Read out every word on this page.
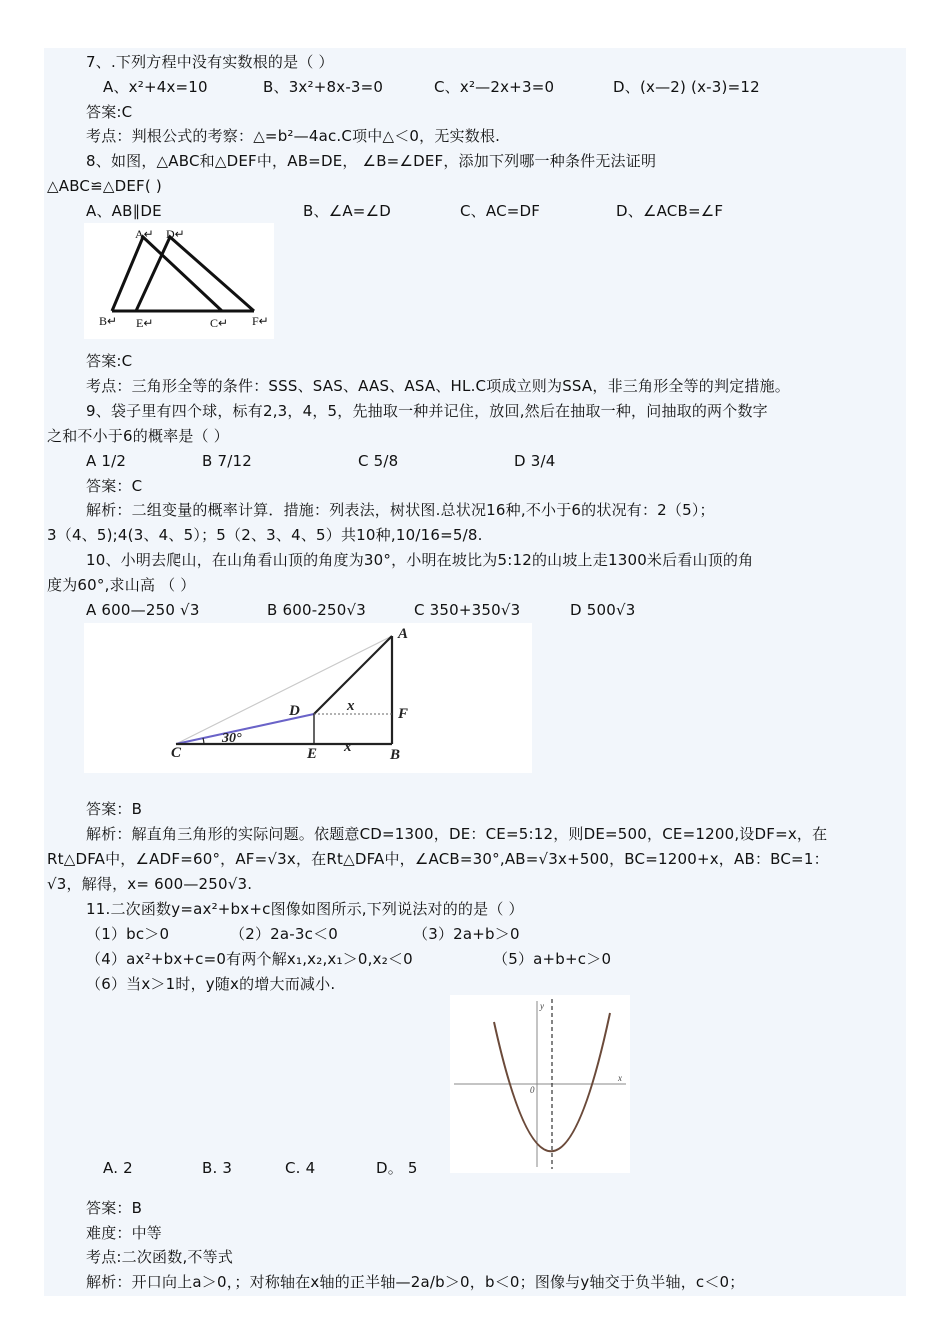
7、.下列方程中没有实数根的是（ ）
A、x²+4x=10	B、3x²+8x-3=0	C、x²—2x+3=0	D、(x—2) (x-3)=12
答案:C
考点：判根公式的考察：△=b²—4ac.C项中△＜0，无实数根.
8、如图，△ABC和△DEF中，AB=DE， ∠B=∠DEF，添加下列哪一种条件无法证明
△ABC≌△DEF( )
A、AB∥DE	B、∠A=∠D	C、AC=DF	D、∠ACB=∠F
A↵ D↵
B↵ E↵	C↵ F↵
答案:C
考点：三角形全等的条件：SSS、SAS、AAS、ASA、HL.C项成立则为SSA，非三角形全等的判定措施。
9、袋子里有四个球，标有2,3，4，5，先抽取一种并记住，放回,然后在抽取一种，问抽取的两个数字
之和不小于6的概率是（ ）
A 1/2	B 7/12	C 5/8	D 3/4
答案：C
解析：二组变量的概率计算．措施：列表法，树状图.总状况16种,不小于6的状况有：2（5）；
3（4、5);4(3、4、5）；5（2、3、4、5）共10种,10/16=5/8.
10、小明去爬山，在山角看山顶的角度为30°，小明在坡比为5:12的山坡上走1300米后看山顶的角
度为60°,求山高 （ ）
A 600—250 √3	B 600-250√3	C 350+350√3	D 500√3
A
D	F
C	E	B
x
x
30°
答案：B
解析：解直角三角形的实际问题。依题意CD=1300，DE：CE=5:12，则DE=500，CE=1200,设DF=x，在
Rt△DFA中，∠ADF=60°，AF=√3x，在Rt△DFA中，∠ACB=30°,AB=√3x+500，BC=1200+x，AB：BC=1：
√3，解得，x= 600—250√3.
11.二次函数y=ax²+bx+c图像如图所示,下列说法对的的是（ ）
（1）bc＞0	（2）2a-3c＜0	（3）2a+b＞0
（4）ax²+bx+c=0有两个解x₁,x₂,x₁＞0,x₂＜0	（5）a+b+c＞0
（6）当x＞1时，y随x的增大而减小.
y
x
0
A. 2	B. 3	C. 4	D。 5
答案：B
难度：中等
考点:二次函数,不等式
解析：开口向上a＞0，；对称轴在x轴的正半轴—2a/b＞0，b＜0；图像与y轴交于负半轴，c＜0；
